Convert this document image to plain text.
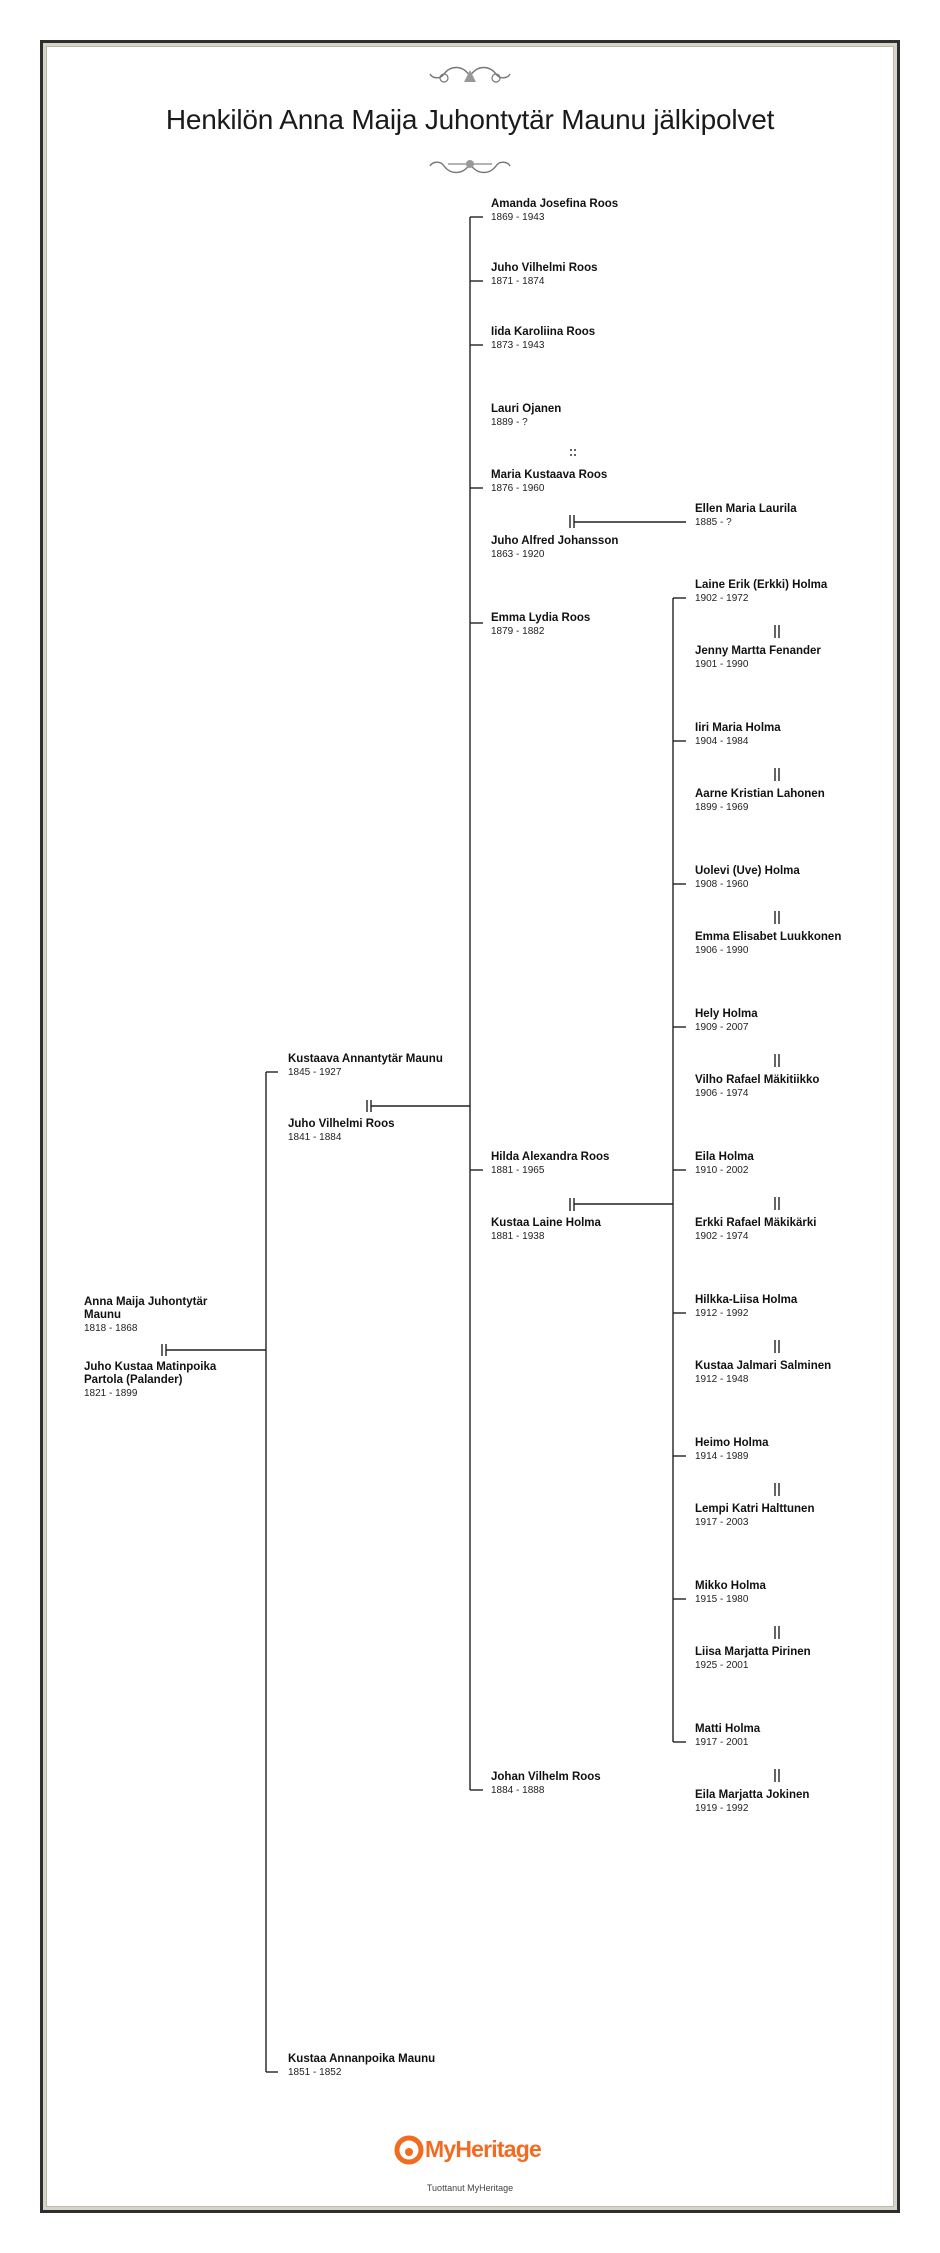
Henkilön Anna Maija Juhontytär Maunu jälkipolvet
Anna Maija Juhontytär Maunu
1818 - 1868
Juho Kustaa Matinpoika Partola (Palander)
1821 - 1899
Kustaava Annantytär Maunu
1845 - 1927
Juho Vilhelmi Roos
1841 - 1884
Kustaa Annanpoika Maunu
1851 - 1852
Amanda Josefina Roos
1869 - 1943
Juho Vilhelmi Roos
1871 - 1874
Iida Karoliina Roos
1873 - 1943
Lauri Ojanen
1889 - ?
Maria Kustaava Roos
1876 - 1960
Juho Alfred Johansson
1863 - 1920
Emma Lydia Roos
1879 - 1882
Hilda Alexandra Roos
1881 - 1965
Kustaa Laine Holma
1881 - 1938
Johan Vilhelm Roos
1884 - 1888
Ellen Maria Laurila
1885 - ?
Laine Erik (Erkki) Holma
1902 - 1972
Jenny Martta Fenander
1901 - 1990
Iiri Maria Holma
1904 - 1984
Aarne Kristian Lahonen
1899 - 1969
Uolevi (Uve) Holma
1908 - 1960
Emma Elisabet Luukkonen
1906 - 1990
Hely Holma
1909 - 2007
Vilho Rafael Mäkitiikko
1906 - 1974
Eila Holma
1910 - 2002
Erkki Rafael Mäkikärki
1902 - 1974
Hilkka-Liisa Holma
1912 - 1992
Kustaa Jalmari Salminen
1912 - 1948
Heimo Holma
1914 - 1989
Lempi Katri Halttunen
1917 - 2003
Mikko Holma
1915 - 1980
Liisa Marjatta Pirinen
1925 - 2001
Matti Holma
1917 - 2001
Eila Marjatta Jokinen
1919 - 1992
MyHeritage
Tuottanut MyHeritage
